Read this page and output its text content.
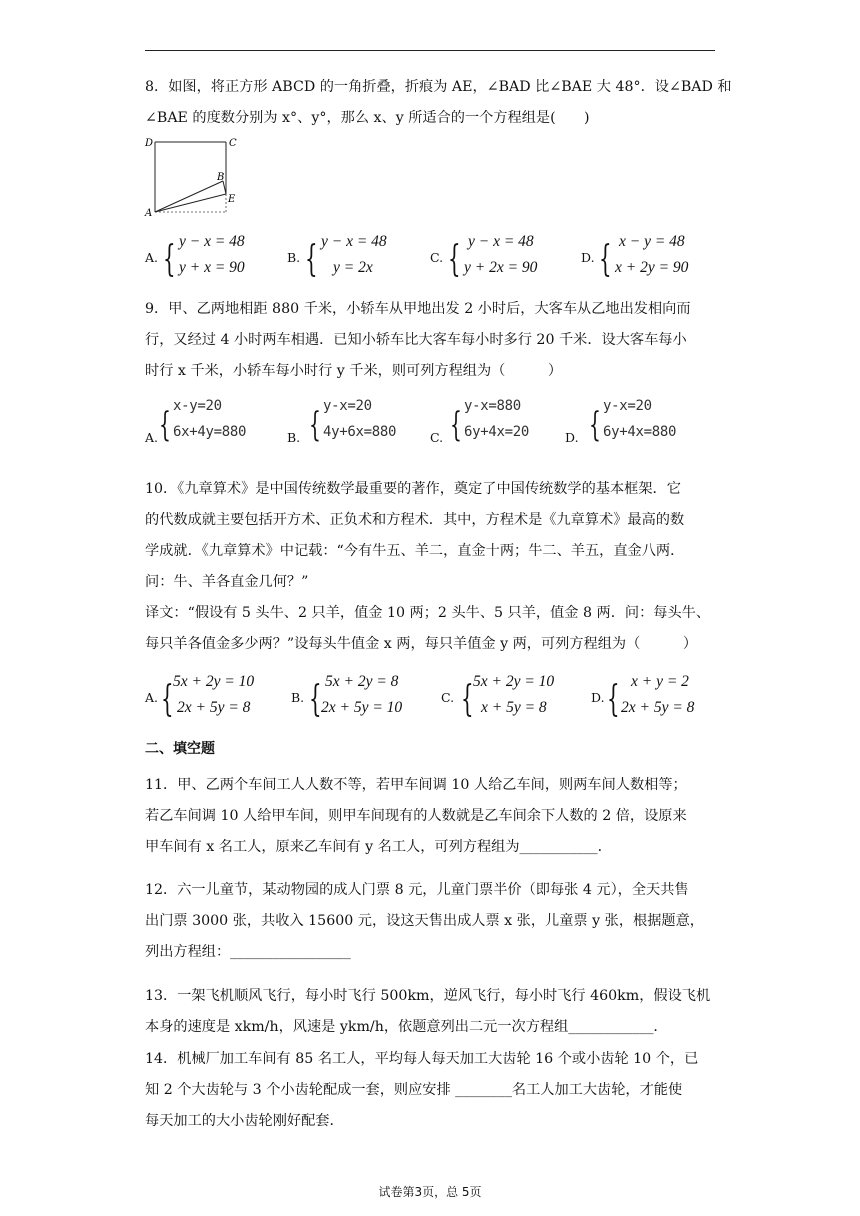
8．如图，将正方形 ABCD 的一角折叠，折痕为 AE，∠BAD 比∠BAE 大 48°．设∠BAD 和
∠BAE 的度数分别为 x°、y°，那么 x、y 所适合的一个方程组是(　　)
D	C
B
E
A
A. { y − x = 48
y + x = 90
B. { y − x = 48
y = 2x
C. { y − x = 48
y + 2x = 90
D. { x − y = 48
x + 2y = 90
9．甲、乙两地相距 880 千米，小轿车从甲地出发 2 小时后，大客车从乙地出发相向而
行，又经过 4 小时两车相遇．已知小轿车比大客车每小时多行 20 千米．设大客车每小
时行 x 千米，小轿车每小时行 y 千米，则可列方程组为（　　　）
A. { x-y=20
6x+4y=880	B. { y-x=20
4y+6x=880	C. { y-x=880
6y+4x=20	D. { y-x=20
6y+4x=880
10．《九章算术》是中国传统数学最重要的著作，奠定了中国传统数学的基本框架．它
的代数成就主要包括开方术、正负术和方程术．其中，方程术是《九章算术》最高的数
学成就．《九章算术》中记载：“今有牛五、羊二，直金十两；牛二、羊五，直金八两．
问：牛、羊各直金几何？”
译文：“假设有 5 头牛、2 只羊，值金 10 两；2 头牛、5 只羊，值金 8 两．问：每头牛、
每只羊各值金多少两？”设每头牛值金 x 两，每只羊值金 y 两，可列方程组为（　　　）
A. { 5x + 2y = 10
2x + 5y = 8
B. { 5x + 2y = 8
2x + 5y = 10
C. { 5x + 2y = 10
x + 5y = 8
D. { x + y = 2
2x + 5y = 8
二、填空题
11．甲、乙两个车间工人人数不等，若甲车间调 10 人给乙车间，则两车间人数相等；
若乙车间调 10 人给甲车间，则甲车间现有的人数就是乙车间余下人数的 2 倍，设原来
甲车间有 x 名工人，原来乙车间有 y 名工人，可列方程组为___________．
12．六一儿童节，某动物园的成人门票 8 元，儿童门票半价（即每张 4 元），全天共售
出门票 3000 张，共收入 15600 元，设这天售出成人票 x 张，儿童票 y 张，根据题意，
列出方程组：_________________
13．一架飞机顺风飞行，每小时飞行 500km，逆风飞行，每小时飞行 460km，假设飞机
本身的速度是 xkm/h，风速是 ykm/h，依题意列出二元一次方程组____________．
14．机械厂加工车间有 85 名工人，平均每人每天加工大齿轮 16 个或小齿轮 10 个，已
知 2 个大齿轮与 3 个小齿轮配成一套，则应安排 ________名工人加工大齿轮，才能使
每天加工的大小齿轮刚好配套．
试卷第3页，总 5页
